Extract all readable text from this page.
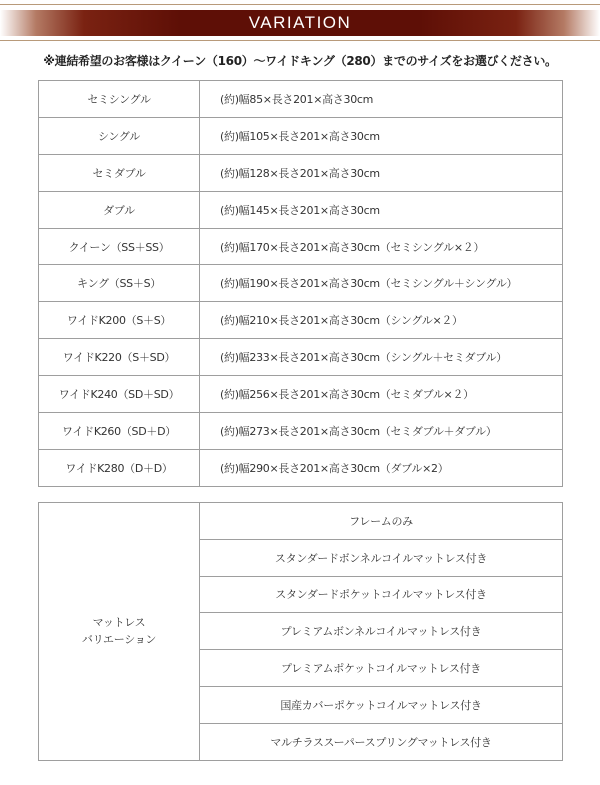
VARIATION
※連結希望のお客様はクイーン（160）〜ワイドキング（280）までのサイズをお選びください。
セミシングル	(約)幅85×長さ201×高さ30cm
シングル	(約)幅105×長さ201×高さ30cm
セミダブル	(約)幅128×長さ201×高さ30cm
ダブル	(約)幅145×長さ201×高さ30cm
クイーン（SS＋SS）	(約)幅170×長さ201×高さ30cm（セミシングル×２）
キング（SS＋S）	(約)幅190×長さ201×高さ30cm（セミシングル＋シングル）
ワイドK200（S＋S）	(約)幅210×長さ201×高さ30cm（シングル×２）
ワイドK220（S＋SD）	(約)幅233×長さ201×高さ30cm（シングル＋セミダブル）
ワイドK240（SD＋SD）	(約)幅256×長さ201×高さ30cm（セミダブル×２）
ワイドK260（SD＋D）	(約)幅273×長さ201×高さ30cm（セミダブル＋ダブル）
ワイドK280（D＋D）	(約)幅290×長さ201×高さ30cm（ダブル×2）
マットレス
バリエーション
	フレームのみ
スタンダードボンネルコイルマットレス付き
スタンダードポケットコイルマットレス付き
プレミアムボンネルコイルマットレス付き
プレミアムポケットコイルマットレス付き
国産カバーポケットコイルマットレス付き
マルチラススーパースプリングマットレス付き
